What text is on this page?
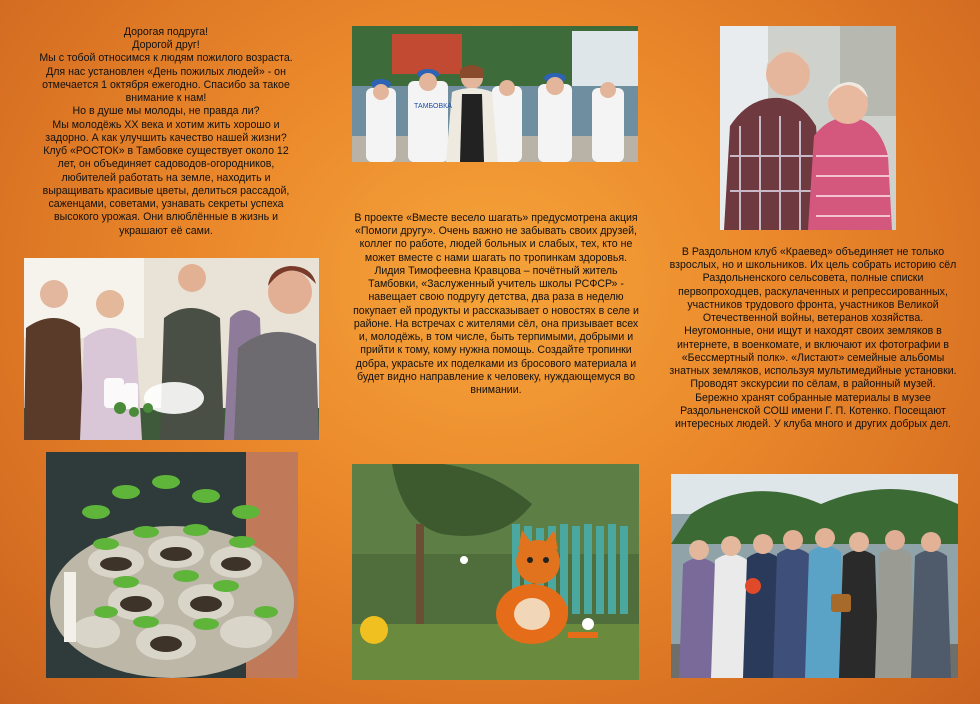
Дорогая подруга!
Дорогой друг!

Мы с тобой относимся к людям пожилого возраста. Для нас установлен «День пожилых людей» - он отмечается 1 октября ежегодно. Спасибо за такое внимание к нам!
Но в душе мы молоды, не правда ли?
Мы молодёжь XX века и хотим жить хорошо и задорно. А как улучшить качество нашей жизни?
Клуб «РОСТОК» в Тамбовке существует около 12 лет, он объединяет садоводов-огородников, любителей работать на земле, находить и выращивать красивые цветы, делиться рассадой, саженцами, советами, узнавать секреты успеха высокого урожая. Они влюблённые в жизнь и украшают её сами.

В проекте «Вместе весело шагать» предусмотрена акция «Помоги другу». Очень важно не забывать своих друзей, коллег по работе, людей больных и слабых, тех, кто не может вместе с нами шагать по тропинкам здоровья. Лидия Тимофеевна Кравцова – почётный житель Тамбовки, «Заслуженный учитель школы РСФСР» - навещает свою подругу детства, два раза в неделю покупает ей продукты и рассказывает о новостях в селе и районе. На встречах с жителями сёл, она призывает всех и, молодёжь, в том числе, быть терпимыми, добрыми и прийти к тому, кому нужна помощь. Создайте тропинки добра, украсьте их поделками из бросового материала и будет видно направление к человеку, нуждающемуся во внимании.

В Раздольном клуб «Краевед» объединяет не только взрослых, но и школьников. Их цель собрать историю сёл Раздольненского сельсовета, полные списки первопроходцев, раскулаченных и репрессированных, участников трудового фронта, участников Великой Отечественной войны, ветеранов хозяйства. Неугомонные, они ищут и находят своих земляков в интернете, в военкомате, и включают их фотографии в «Бессмертный полк». «Листают» семейные альбомы знатных земляков, используя мультимедийные установки. Проводят экскурсии по сёлам, в районный музей. Бережно хранят собранные материалы в музее Раздольненской СОШ имени Г. П. Котенко. Посещают интересных людей. У клуба много и других добрых дел.

ТАМБОВКА
